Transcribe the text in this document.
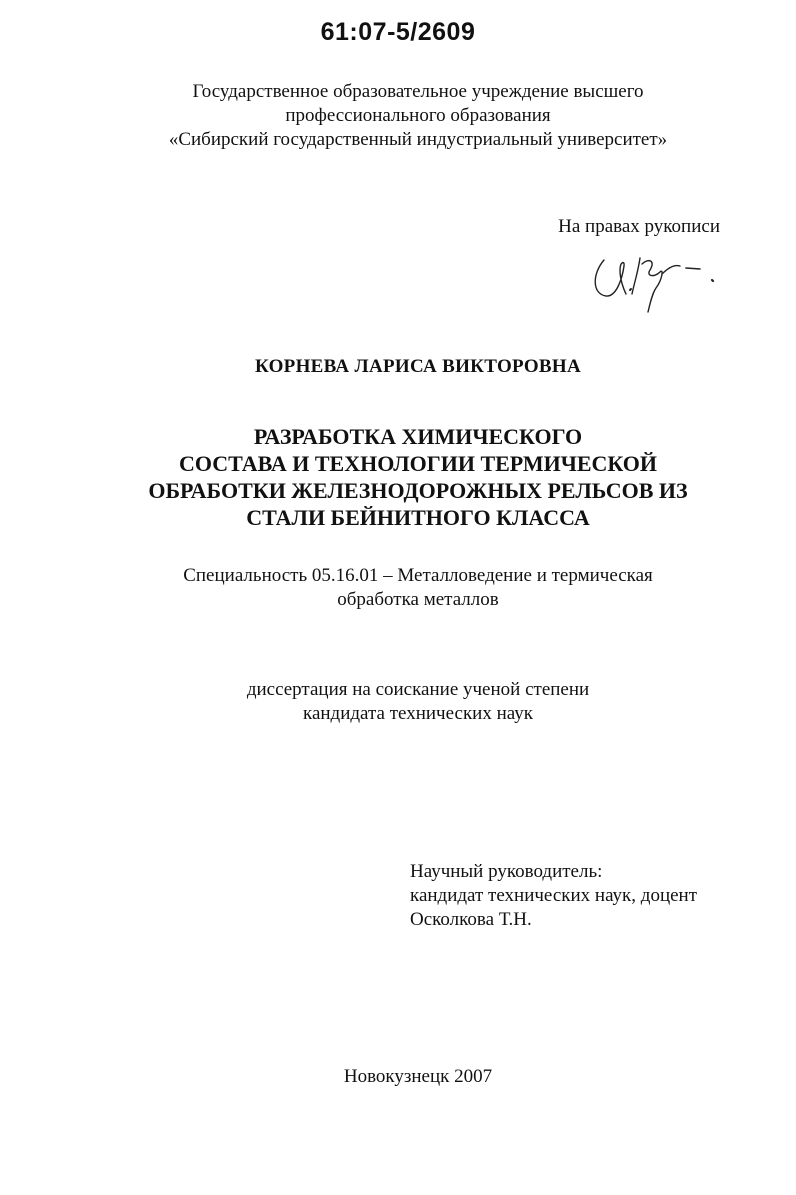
61:07-5/2609
Государственное образовательное учреждение высшего
профессионального образования
«Сибирский государственный индустриальный университет»
На правах рукописи
КОРНЕВА ЛАРИСА ВИКТОРОВНА
РАЗРАБОТКА ХИМИЧЕСКОГО
СОСТАВА И ТЕХНОЛОГИИ ТЕРМИЧЕСКОЙ
ОБРАБОТКИ ЖЕЛЕЗНОДОРОЖНЫХ РЕЛЬСОВ ИЗ
СТАЛИ БЕЙНИТНОГО КЛАССА
Специальность 05.16.01 – Металловедение и термическая
обработка металлов
диссертация на соискание ученой степени
кандидата технических наук
Научный руководитель:
кандидат технических наук, доцент
Осколкова Т.Н.
Новокузнецк 2007
